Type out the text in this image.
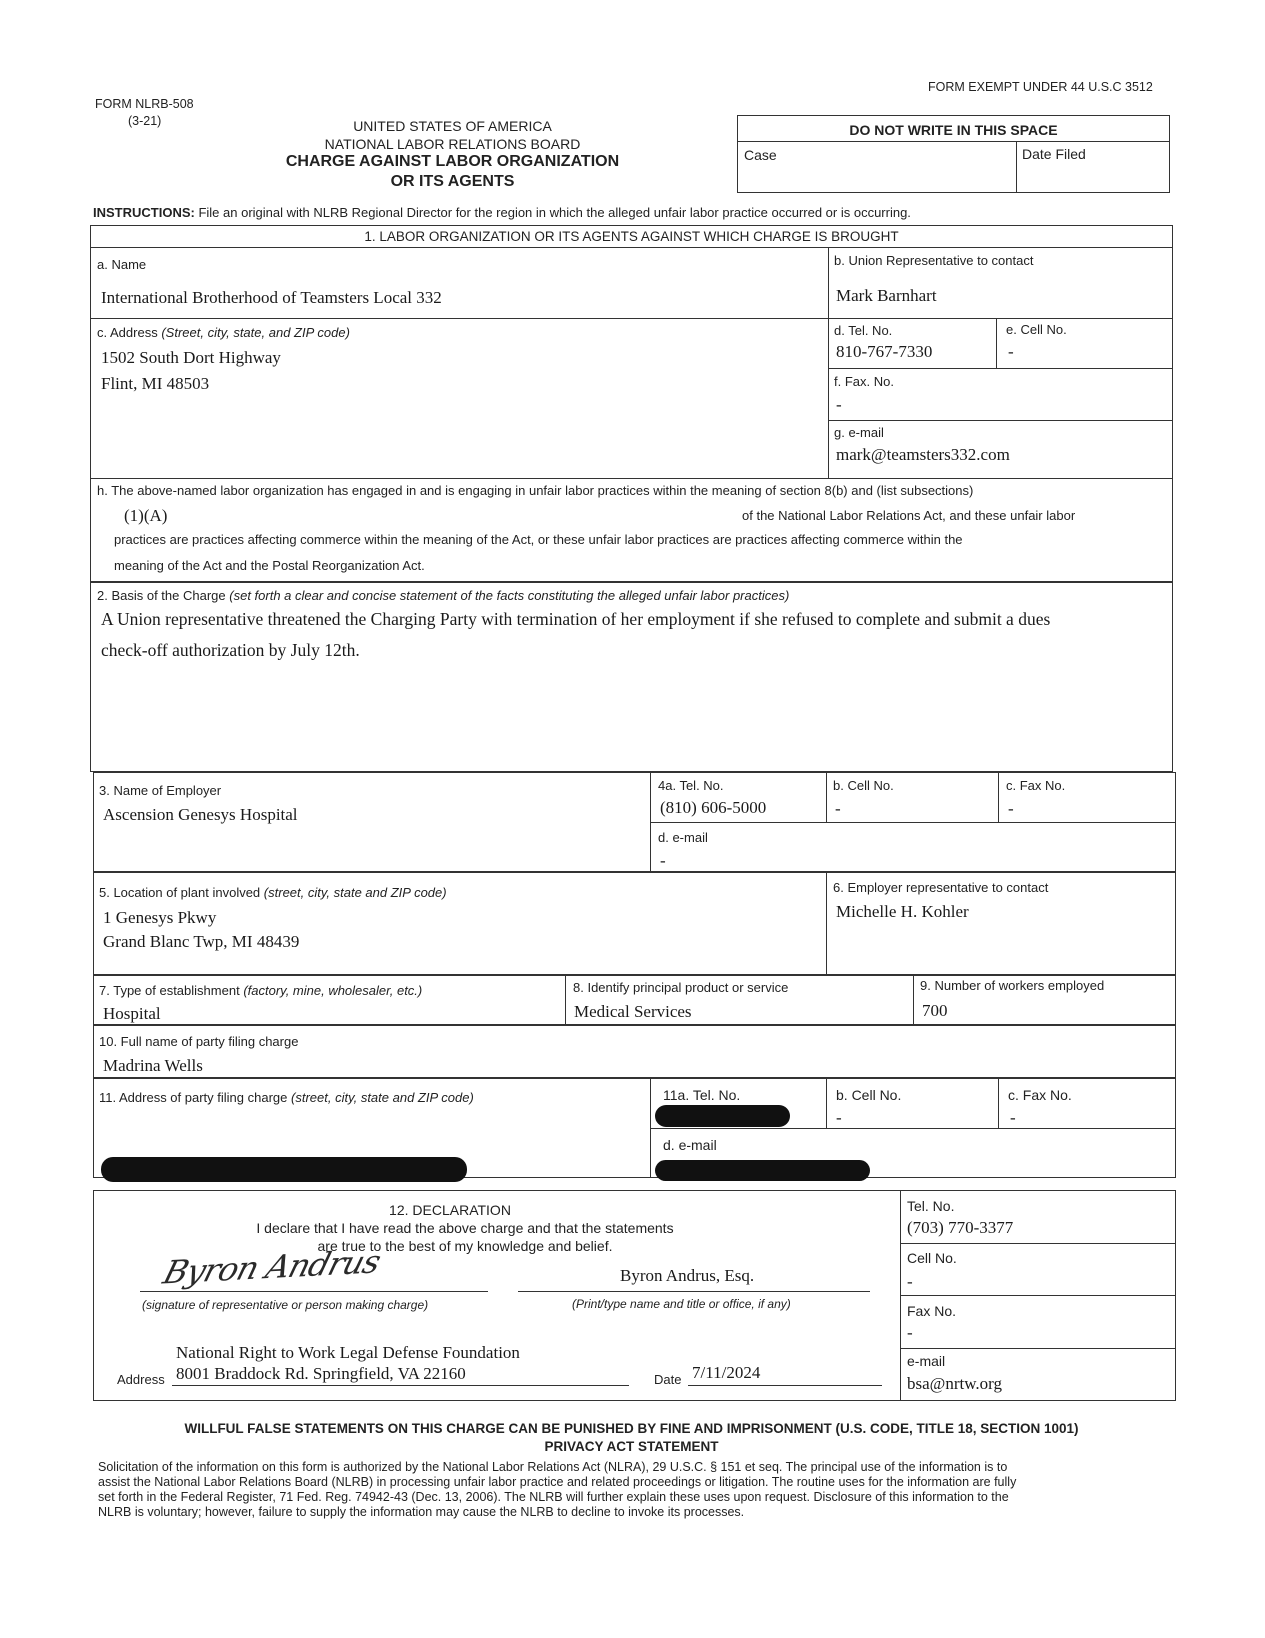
FORM EXEMPT UNDER 44 U.S.C 3512
FORM NLRB-508
(3-21)	UNITED STATES OF AMERICA
NATIONAL LABOR RELATIONS BOARD
CHARGE AGAINST LABOR ORGANIZATION
OR ITS AGENTS
DO NOT WRITE IN THIS SPACE
Case	Date Filed
INSTRUCTIONS: File an original with NLRB Regional Director for the region in which the alleged unfair labor practice occurred or is occurring.
1. LABOR ORGANIZATION OR ITS AGENTS AGAINST WHICH CHARGE IS BROUGHT
a. Name
International Brotherhood of Teamsters Local 332
b. Union Representative to contact
Mark Barnhart
c. Address (Street, city, state, and ZIP code)
1502 South Dort Highway
Flint, MI 48503
d. Tel. No.
810-767-7330
e. Cell No.
-
f. Fax. No.
-
g. e-mail
mark@teamsters332.com
h. The above-named labor organization has engaged in and is engaging in unfair labor practices within the meaning of section 8(b) and (list subsections)
(1)(A)	of the National Labor Relations Act, and these unfair labor
practices are practices affecting commerce within the meaning of the Act, or these unfair labor practices are practices affecting commerce within the
meaning of the Act and the Postal Reorganization Act.
2. Basis of the Charge (set forth a clear and concise statement of the facts constituting the alleged unfair labor practices)
A Union representative threatened the Charging Party with termination of her employment if she refused to complete and submit a dues
check-off authorization by July 12th.
3. Name of Employer
Ascension Genesys Hospital
4a. Tel. No.
(810) 606-5000
b. Cell No.
-
c. Fax No.
-
d. e-mail
-
5. Location of plant involved (street, city, state and ZIP code)
1 Genesys Pkwy
Grand Blanc Twp, MI 48439
6. Employer representative to contact
Michelle H. Kohler
7. Type of establishment (factory, mine, wholesaler, etc.)
Hospital
8. Identify principal product or service
Medical Services
9. Number of workers employed
700
10. Full name of party filing charge
Madrina Wells
11. Address of party filing charge (street, city, state and ZIP code)	11a. Tel. No.	b. Cell No.
-
c. Fax No.
-
d. e-mail
12. DECLARATION
I declare that I have read the above charge and that the statements
are true to the best of my knowledge and belief.
Byron Andrus	Byron Andrus, Esq.
(signature of representative or person making charge)	(Print/type name and title or office, if any)
National Right to Work Legal Defense Foundation
Address 8001 Braddock Rd. Springfield, VA 22160	Date 7/11/2024
Tel. No.
(703) 770-3377
Cell No.
-
Fax No.
-
e-mail
bsa@nrtw.org
WILLFUL FALSE STATEMENTS ON THIS CHARGE CAN BE PUNISHED BY FINE AND IMPRISONMENT (U.S. CODE, TITLE 18, SECTION 1001)
PRIVACY ACT STATEMENT
Solicitation of the information on this form is authorized by the National Labor Relations Act (NLRA), 29 U.S.C. § 151 et seq. The principal use of the information is to
assist the National Labor Relations Board (NLRB) in processing unfair labor practice and related proceedings or litigation. The routine uses for the information are fully
set forth in the Federal Register, 71 Fed. Reg. 74942-43 (Dec. 13, 2006). The NLRB will further explain these uses upon request. Disclosure of this information to the
NLRB is voluntary; however, failure to supply the information may cause the NLRB to decline to invoke its processes.
